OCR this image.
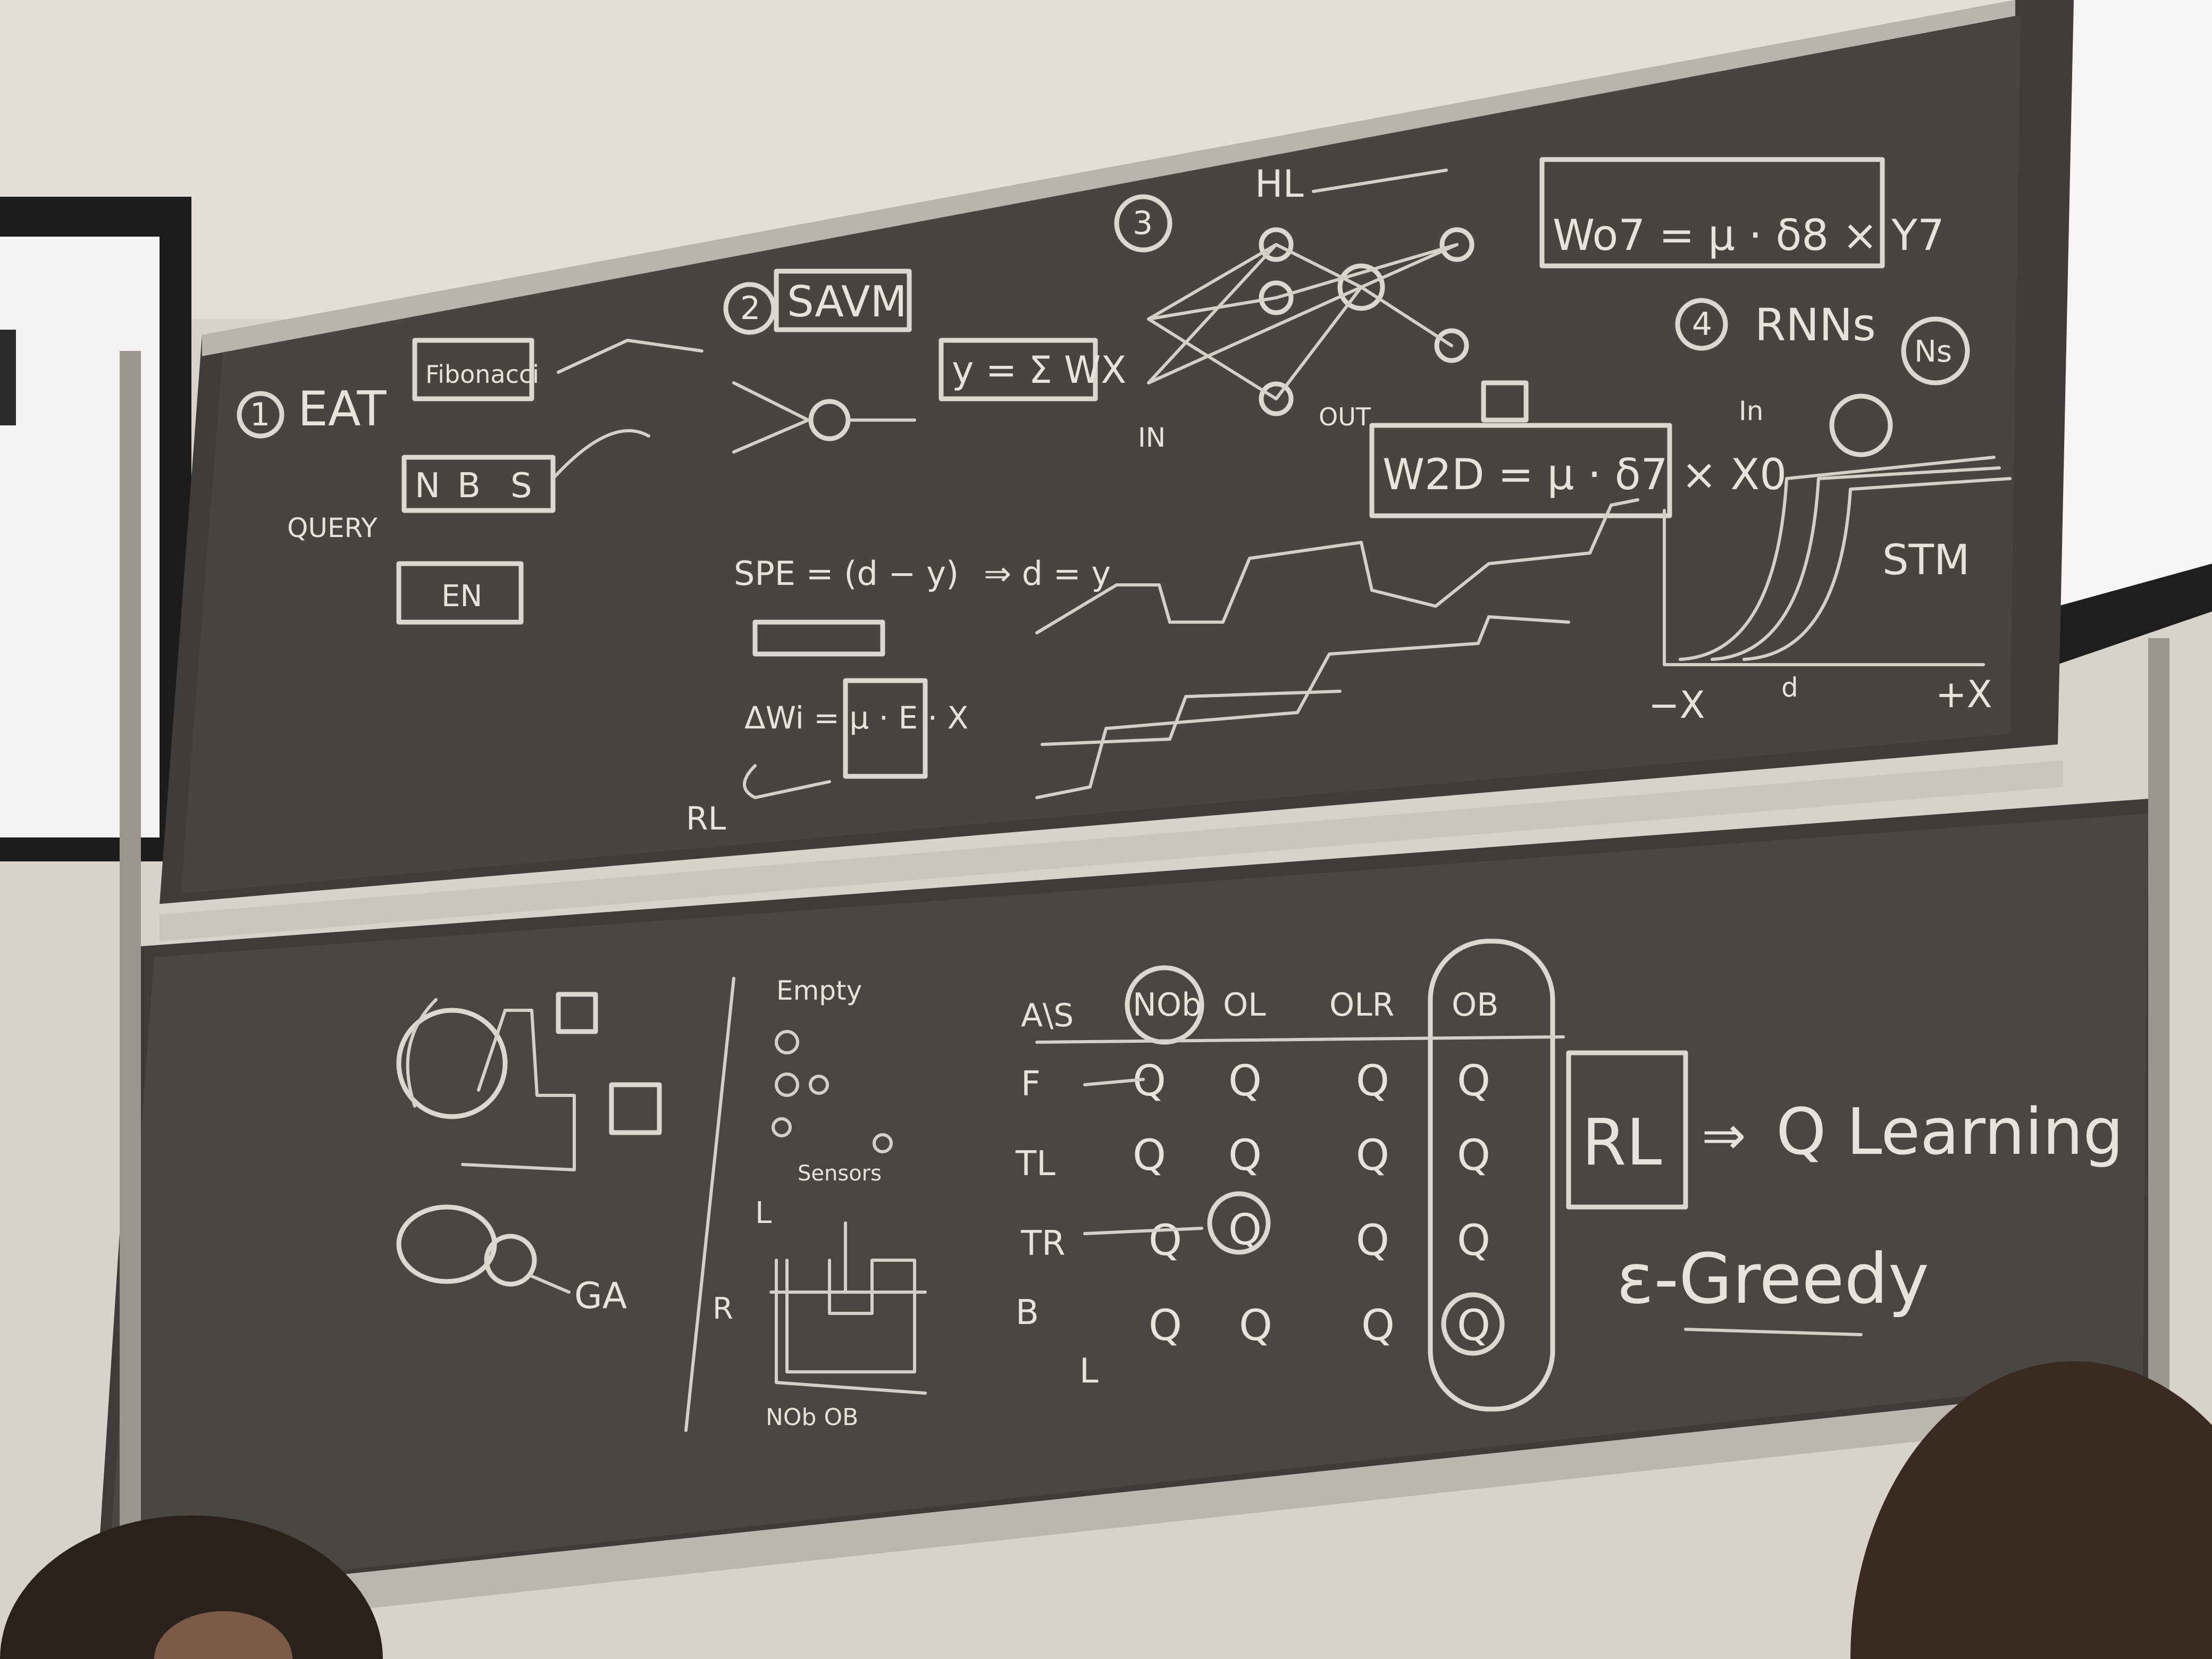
1 EAT
QUERY
Fibonacci
N B S
EN
2 SAVM
y = Σ WX
SPE = (d − y) ⇒ d = y
ΔWi = μ · E · X
RL
3
HL
IN
OUT
Wo7 = μ · δ8 × Y7
W2D = μ · δ7 × X0
4 RNNs
In
Ns
STM
−X	d	+X
GA
Empty
Sensors
L
R
NOb OB
A\S NOb OL OLR OB
F
TL
TR
B
L
Q Q Q Q
Q Q Q Q
Q Q Q Q
Q Q Q Q
RL ⇒ Q Learning
ε-Greedy
